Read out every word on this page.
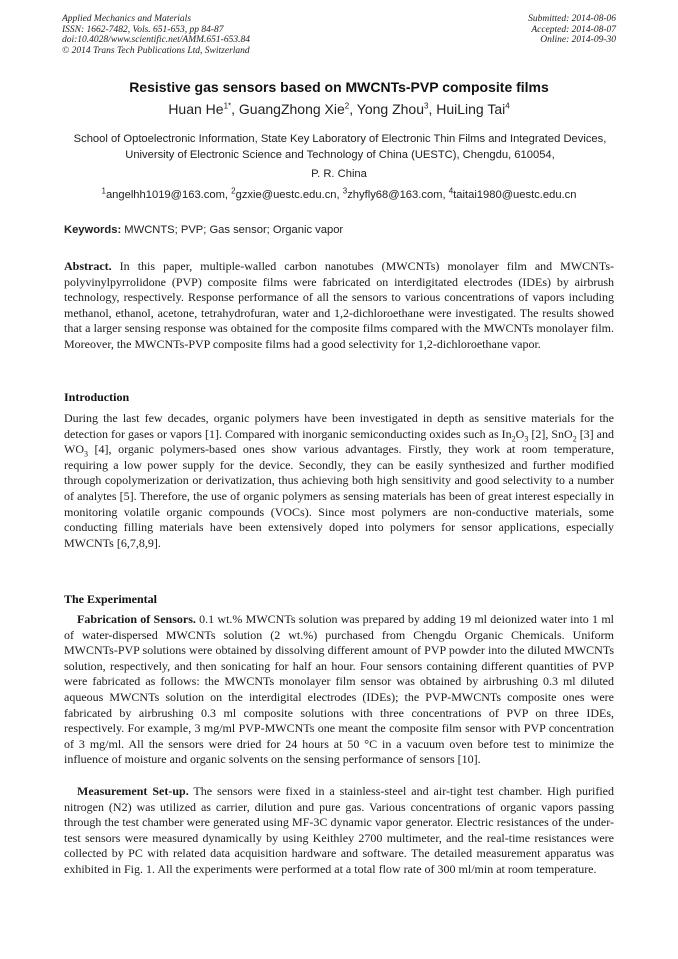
Applied Mechanics and Materials
ISSN: 1662-7482, Vols. 651-653, pp 84-87
doi:10.4028/www.scientific.net/AMM.651-653.84
© 2014 Trans Tech Publications Ltd, Switzerland
Submitted: 2014-08-06
Accepted: 2014-08-07
Online: 2014-09-30
Resistive gas sensors based on MWCNTs-PVP composite films
Huan $He^{1*}$, GuangZhong Xie$^2$, Yong Zhou$^3$, HuiLing Tai$^4$
School of Optoelectronic Information, State Key Laboratory of Electronic Thin Films and Integrated Devices, University of Electronic Science and Technology of China (UESTC), Chengdu, 610054,
P. R. China
$^1$angelhh1019@163.com, $^2$gzxie@uestc.edu.cn, $^3$zhyfly68@163.com, $^4$taitai1980@uestc.edu.cn
Keywords: MWCNTS; PVP; Gas sensor; Organic vapor
Abstract. In this paper, multiple-walled carbon nanotubes (MWCNTs) monolayer film and MWCNTs-polyvinylpyrrolidone (PVP) composite films were fabricated on interdigitated electrodes (IDEs) by airbrush technology, respectively. Response performance of all the sensors to various concentrations of vapors including methanol, ethanol, acetone, tetrahydrofuran, water and 1,2-dichloroethane were investigated. The results showed that a larger sensing response was obtained for the composite films compared with the MWCNTs monolayer film. Moreover, the MWCNTs-PVP composite films had a good selectivity for 1,2-dichloroethane vapor.
Introduction
During the last few decades, organic polymers have been investigated in depth as sensitive materials for the detection for gases or vapors [1]. Compared with inorganic semiconducting oxides such as $In_2O_3$ [2], SnO$_2$ [3] and $WO_3$ [4], organic polymers-based ones show various advantages. Firstly, they work at room temperature, requiring a low power supply for the device. Secondly, they can be easily synthesized and further modified through copolymerization or derivatization, thus achieving both high sensitivity and good selectivity to a number of analytes [5]. Therefore, the use of organic polymers as sensing materials has been of great interest especially in monitoring volatile organic compounds (VOCs). Since most polymers are non-conductive materials, some conducting filling materials have been extensively doped into polymers for sensor applications, especially MWCNTs [6,7,8,9].
The Experimental
Fabrication of Sensors. 0.1 wt.% MWCNTs solution was prepared by adding 19 ml deionized water into 1 ml of water-dispersed MWCNTs solution (2 wt.%) purchased from Chengdu Organic Chemicals. Uniform MWCNTs-PVP solutions were obtained by dissolving different amount of PVP powder into the diluted MWCNTs solution, respectively, and then sonicating for half an hour. Four sensors containing different quantities of PVP were fabricated as follows: the MWCNTs monolayer film sensor was obtained by airbrushing 0.3 ml diluted aqueous MWCNTs solution on the interdigital electrodes (IDEs); the PVP-MWCNTs composite ones were fabricated by airbrushing 0.3 ml composite solutions with three concentrations of PVP on three IDEs, respectively. For example, 3 mg/ml PVP-MWCNTs one meant the composite film sensor with PVP concentration of 3 mg/ml. All the sensors were dried for 24 hours at 50 °C in a vacuum oven before test to minimize the influence of moisture and organic solvents on the sensing performance of sensors [10].
Measurement Set-up. The sensors were fixed in a stainless-steel and air-tight test chamber. High purified nitrogen (N2) was utilized as carrier, dilution and pure gas. Various concentrations of organic vapors passing through the test chamber were generated using MF-3C dynamic vapor generator. Electric resistances of the under-test sensors were measured dynamically by using Keithley 2700 multimeter, and the real-time resistances were collected by PC with related data acquisition hardware and software. The detailed measurement apparatus was exhibited in Fig. 1. All the experiments were performed at a total flow rate of 300 ml/min at room temperature.
